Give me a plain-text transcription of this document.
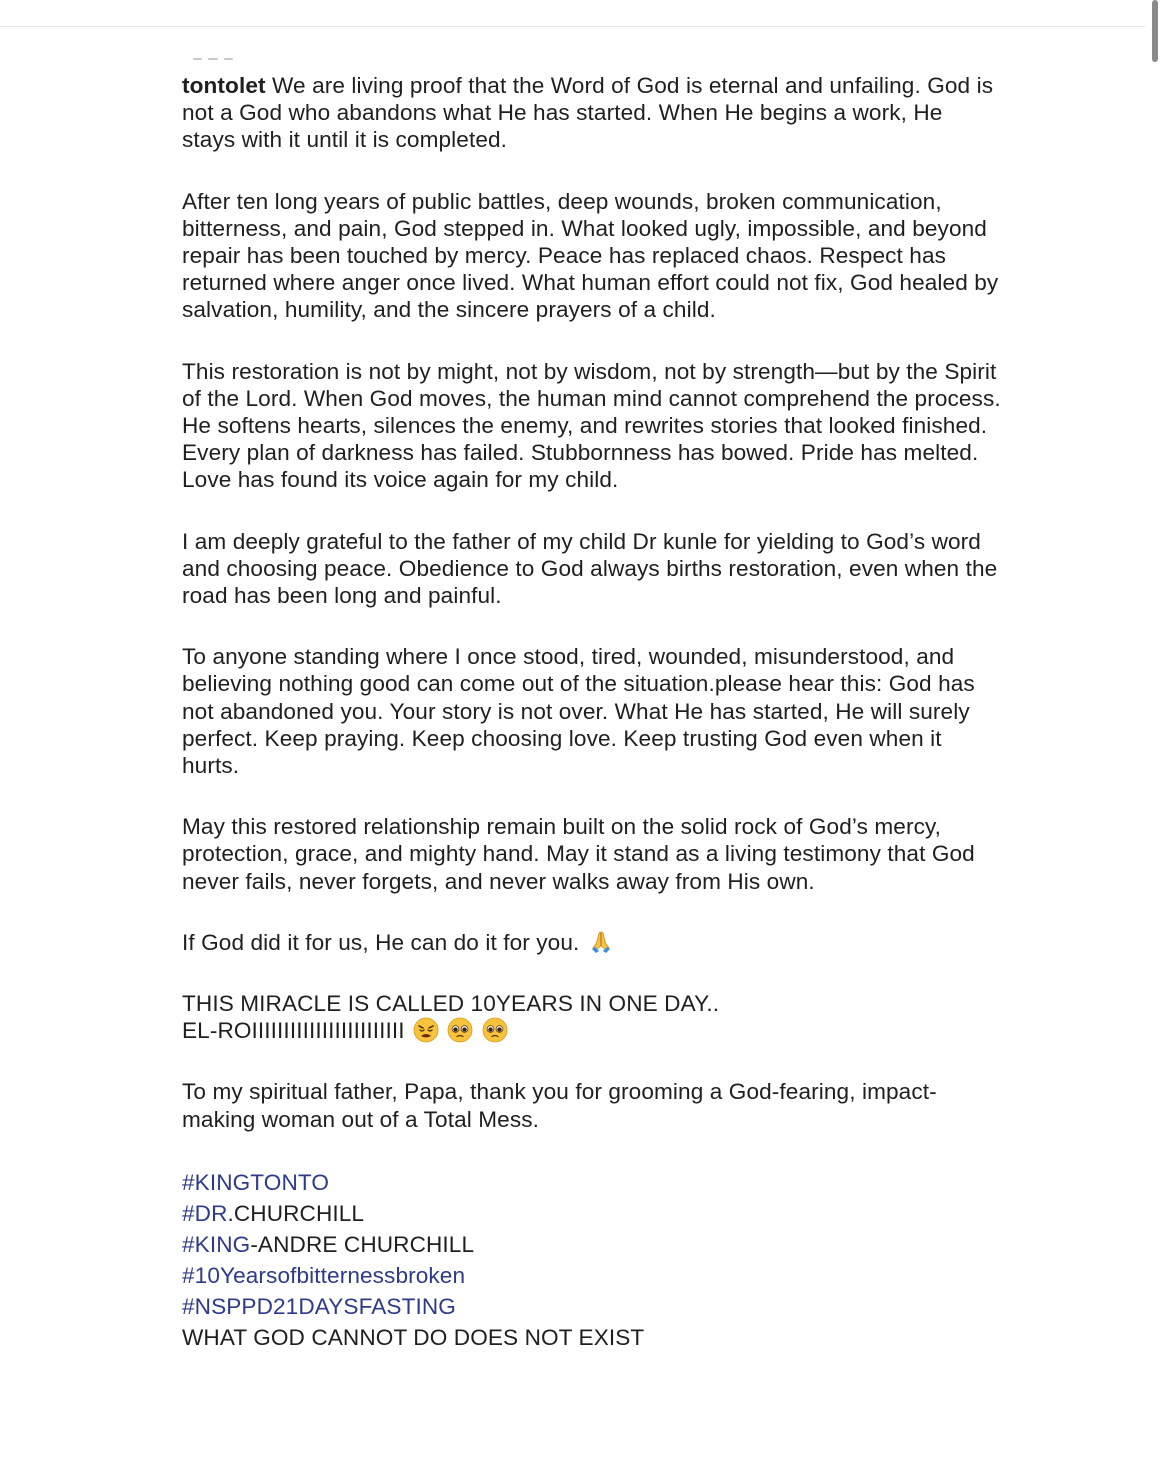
tontolet We are living proof that the Word of God is eternal and unfailing. God is not a God who abandons what He has started. When He begins a work, He stays with it until it is completed.

After ten long years of public battles, deep wounds, broken communication, bitterness, and pain, God stepped in. What looked ugly, impossible, and beyond repair has been touched by mercy. Peace has replaced chaos. Respect has returned where anger once lived. What human effort could not fix, God healed by salvation, humility, and the sincere prayers of a child.

This restoration is not by might, not by wisdom, not by strength—but by the Spirit of the Lord. When God moves, the human mind cannot comprehend the process. He softens hearts, silences the enemy, and rewrites stories that looked finished. Every plan of darkness has failed. Stubbornness has bowed. Pride has melted. Love has found its voice again for my child.

I am deeply grateful to the father of my child Dr kunle for yielding to God’s word and choosing peace. Obedience to God always births restoration, even when the road has been long and painful.

To anyone standing where I once stood, tired, wounded, misunderstood, and believing nothing good can come out of the situation.please hear this: God has not abandoned you. Your story is not over. What He has started, He will surely perfect. Keep praying. Keep choosing love. Keep trusting God even when it hurts.

May this restored relationship remain built on the solid rock of God’s mercy, protection, grace, and mighty hand. May it stand as a living testimony that God never fails, never forgets, and never walks away from His own.

If God did it for us, He can do it for you.

THIS MIRACLE IS CALLED 10YEARS IN ONE DAY..
EL-ROIIIIIIIIIIIIIIIIIIIIIIII

To my spiritual father, Papa, thank you for grooming a God-fearing, impact-making woman out of a Total Mess.

#KINGTONTO

#DR.CHURCHILL

#KING-ANDRE CHURCHILL

#10Yearsofbitternessbroken

#NSPPD21DAYSFASTING

WHAT GOD CANNOT DO DOES NOT EXIST
